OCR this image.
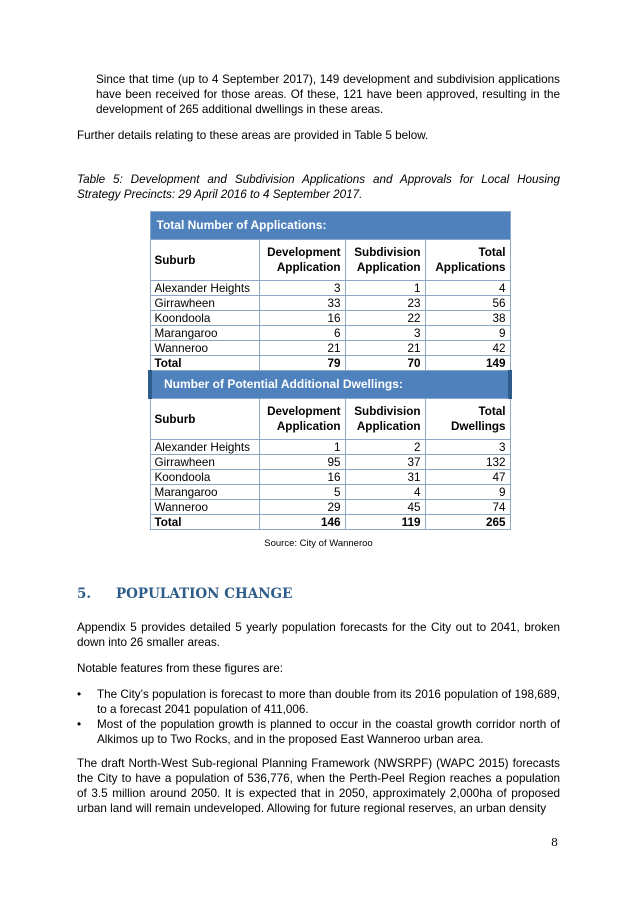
Since that time (up to 4 September 2017), 149 development and subdivision applications have been received for those areas. Of these, 121 have been approved, resulting in the development of 265 additional dwellings in these areas.
Further details relating to these areas are provided in Table 5 below.
Table 5: Development and Subdivision Applications and Approvals for Local Housing Strategy Precincts: 29 April 2016 to 4 September 2017.
Total Number of Applications:			
Suburb	Development Application	Subdivision Application	Total Applications
Alexander Heights	3	1	4
Girrawheen	33	23	56
Koondoola	16	22	38
Marangaroo	6	3	9
Wanneroo	21	21	42
Total	79	70	149
Number of Potential Additional Dwellings:			
Suburb	Development Application	Subdivision Application	Total Dwellings
Alexander Heights	1	2	3
Girrawheen	95	37	132
Koondoola	16	31	47
Marangaroo	5	4	9
Wanneroo	29	45	74
Total	146	119	265
Source: City of Wanneroo
5. POPULATION CHANGE
Appendix 5 provides detailed 5 yearly population forecasts for the City out to 2041, broken down into 26 smaller areas.
Notable features from these figures are:
• The City’s population is forecast to more than double from its 2016 population of 198,689, to a forecast 2041 population of 411,006.
• Most of the population growth is planned to occur in the coastal growth corridor north of Alkimos up to Two Rocks, and in the proposed East Wanneroo urban area.
The draft North-West Sub-regional Planning Framework (NWSRPF) (WAPC 2015) forecasts the City to have a population of 536,776, when the Perth-Peel Region reaches a population of 3.5 million around 2050. It is expected that in 2050, approximately 2,000ha of proposed urban land will remain undeveloped. Allowing for future regional reserves, an urban density
8
